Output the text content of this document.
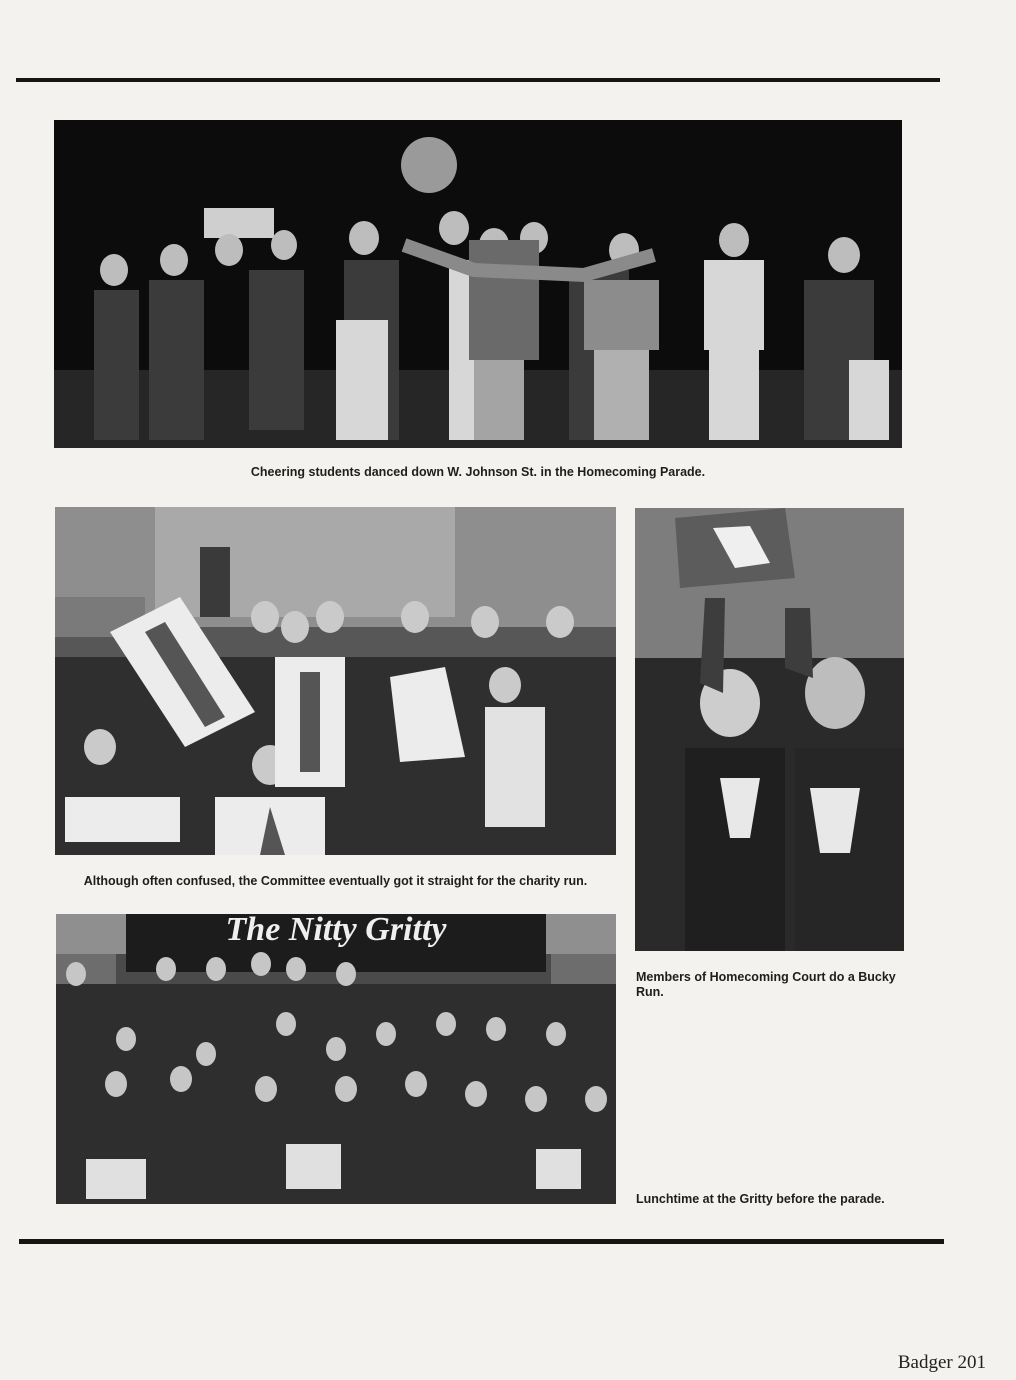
Cheering students danced down W. Johnson St. in the Homecoming Parade.
Although often confused, the Committee eventually got it straight for the charity run.
Members of Homecoming Court do a Bucky Run.
The Nitty Gritty
Lunchtime at the Gritty before the parade.
Badger 201
